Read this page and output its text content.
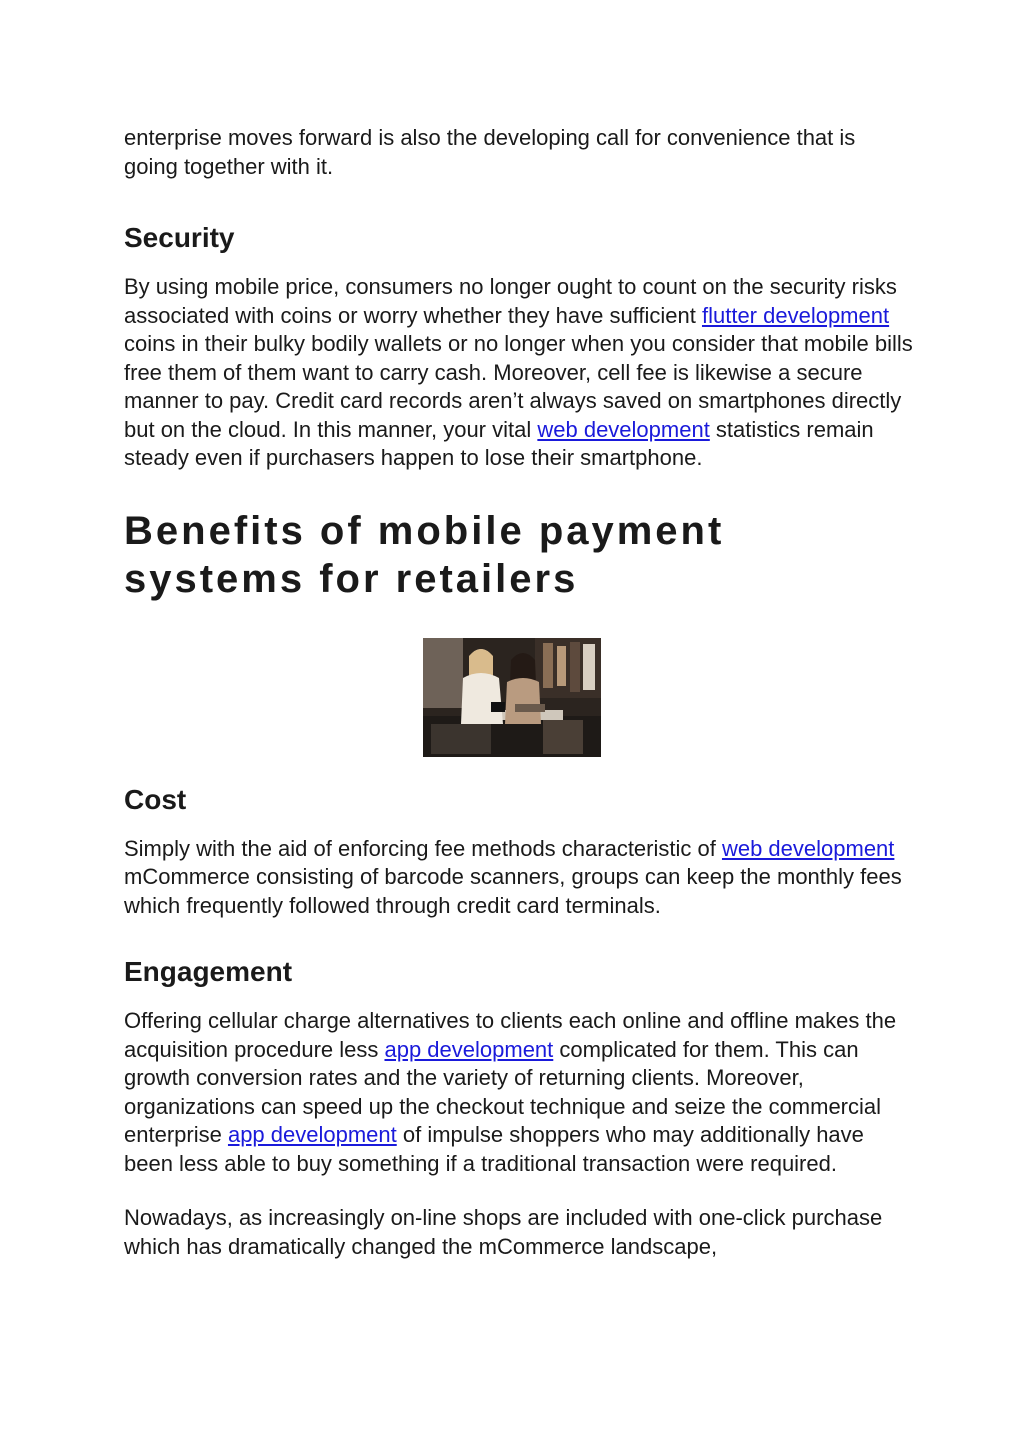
enterprise moves forward is also the developing call for convenience that is going together with it.

Security

By using mobile price, consumers no longer ought to count on the security risks associated with coins or worry whether they have sufficient flutter development coins in their bulky bodily wallets or no longer when you consider that mobile bills free them of them want to carry cash. Moreover, cell fee is likewise a secure manner to pay. Credit card records aren’t always saved on smartphones directly but on the cloud. In this manner, your vital web development statistics remain steady even if purchasers happen to lose their smartphone.

Benefits of mobile payment systems for retailers
Cost

Simply with the aid of enforcing fee methods characteristic of web development mCommerce consisting of barcode scanners, groups can keep the monthly fees which frequently followed through credit card terminals.

Engagement

Offering cellular charge alternatives to clients each online and offline makes the acquisition procedure less app development complicated for them. This can growth conversion rates and the variety of returning clients. Moreover, organizations can speed up the checkout technique and seize the commercial enterprise app development of impulse shoppers who may additionally have been less able to buy something if a traditional transaction were required.

Nowadays, as increasingly on-line shops are included with one-click purchase which has dramatically changed the mCommerce landscape,
